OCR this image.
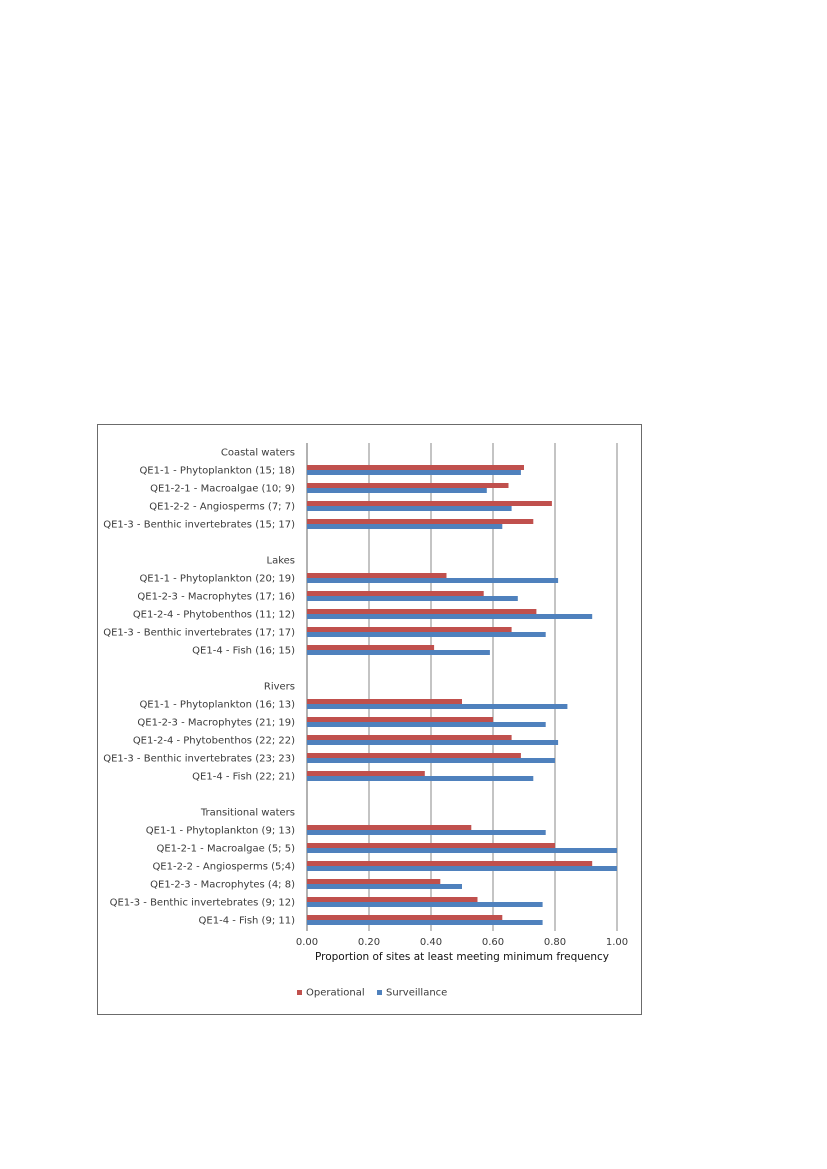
Coastal waters
QE1-1 - Phytoplankton (15; 18)
QE1-2-1 - Macroalgae (10; 9)
QE1-2-2 - Angiosperms (7; 7)
QE1-3 - Benthic invertebrates (15; 17)
Lakes
QE1-1 - Phytoplankton (20; 19)
QE1-2-3 - Macrophytes (17; 16)
QE1-2-4 - Phytobenthos (11; 12)
QE1-3 - Benthic invertebrates (17; 17)
QE1-4 - Fish (16; 15)
Rivers
QE1-1 - Phytoplankton (16; 13)
QE1-2-3 - Macrophytes (21; 19)
QE1-2-4 - Phytobenthos (22; 22)
QE1-3 - Benthic invertebrates (23; 23)
QE1-4 - Fish (22; 21)
Transitional waters
QE1-1 - Phytoplankton (9; 13)
QE1-2-1 - Macroalgae (5; 5)
QE1-2-2 - Angiosperms (5;4)
QE1-2-3 - Macrophytes (4; 8)
QE1-3 - Benthic invertebrates (9; 12)
QE1-4 - Fish (9; 11)
0.00	0.20	0.40	0.60	0.80	1.00
Proportion of sites at least meeting minimum frequency
Operational Surveillance
